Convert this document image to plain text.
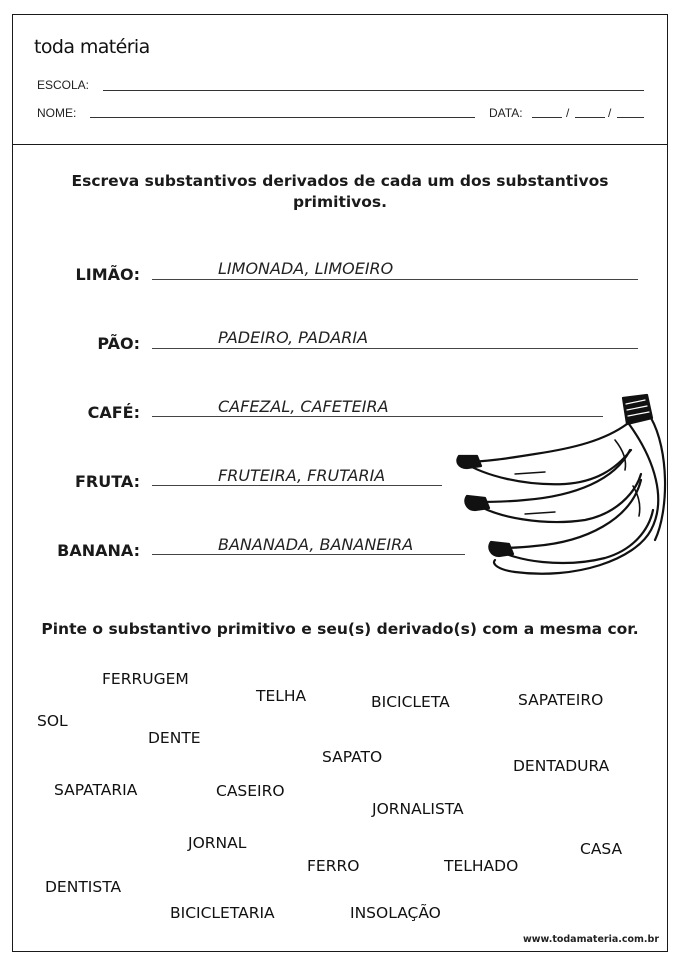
toda matéria
ESCOLA:
NOME:	DATA:	/	/
Escreva substantivos derivados de cada um dos substantivos
primitivos.
LIMÃO:	LIMONADA, LIMOEIRO
PÃO:	PADEIRO, PADARIA
CAFÉ:	CAFEZAL, CAFETEIRA
FRUTA:	FRUTEIRA, FRUTARIA
BANANA:	BANANADA, BANANEIRA
Pinte o substantivo primitivo e seu(s) derivado(s) com a mesma cor.
FERRUGEM
TELHA	BICICLETA	SAPATEIRO
SOL
DENTE
SAPATO	DENTADURA
SAPATARIA	CASEIRO
JORNALISTA
JORNAL	CASA
FERRO	TELHADO
DENTISTA
BICICLETARIA	INSOLAÇÃO
www.todamateria.com.br
